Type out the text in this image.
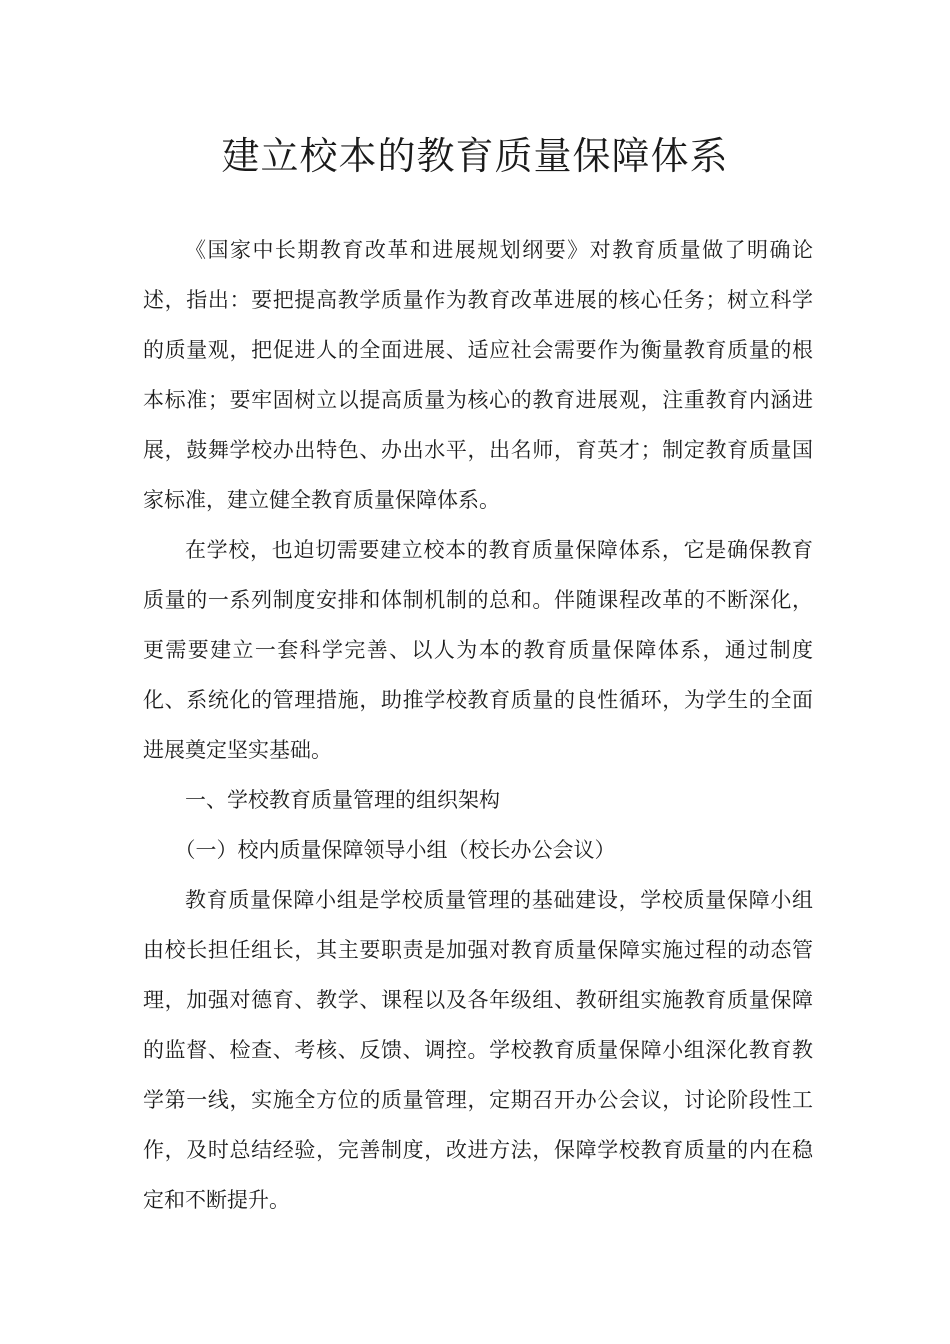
建立校本的教育质量保障体系

《国家中长期教育改革和进展规划纲要》对教育质量做了明确论述，指出：要把提高教学质量作为教育改革进展的核心任务；树立科学的质量观，把促进人的全面进展、适应社会需要作为衡量教育质量的根本标准；要牢固树立以提高质量为核心的教育进展观，注重教育内涵进展，鼓舞学校办出特色、办出水平，出名师，育英才；制定教育质量国家标准，建立健全教育质量保障体系。

在学校，也迫切需要建立校本的教育质量保障体系，它是确保教育质量的一系列制度安排和体制机制的总和。伴随课程改革的不断深化，更需要建立一套科学完善、以人为本的教育质量保障体系，通过制度化、系统化的管理措施，助推学校教育质量的良性循环，为学生的全面进展奠定坚实基础。

一、学校教育质量管理的组织架构

（一）校内质量保障领导小组（校长办公会议）

教育质量保障小组是学校质量管理的基础建设，学校质量保障小组由校长担任组长，其主要职责是加强对教育质量保障实施过程的动态管理，加强对德育、教学、课程以及各年级组、教研组实施教育质量保障的监督、检查、考核、反馈、调控。学校教育质量保障小组深化教育教学第一线，实施全方位的质量管理，定期召开办公会议，讨论阶段性工作，及时总结经验，完善制度，改进方法，保障学校教育质量的内在稳定和不断提升。
